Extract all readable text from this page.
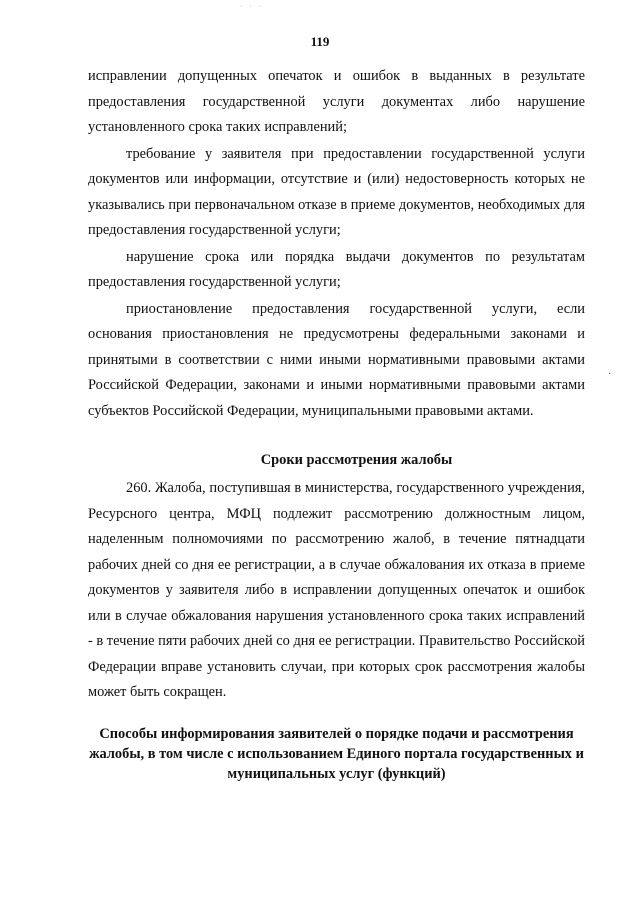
· · ·
119

исправлении допущенных опечаток и ошибок в выданных в результате предоставления государственной услуги документах либо нарушение установленного срока таких исправлений;

требование у заявителя при предоставлении государственной услуги документов или информации, отсутствие и (или) недостоверность которых не указывались при первоначальном отказе в приеме документов, необходимых для предоставления государственной услуги;

нарушение срока или порядка выдачи документов по результатам предоставления государственной услуги;

приостановление предоставления государственной услуги, если основания приостановления не предусмотрены федеральными законами и принятыми в соответствии с ними иными нормативными правовыми актами Российской Федерации, законами и иными нормативными правовыми актами субъектов Российской Федерации, муниципальными правовыми актами.

Сроки рассмотрения жалобы

260. Жалоба, поступившая в министерства, государственного учреждения, Ресурсного центра, МФЦ подлежит рассмотрению должностным лицом, наделенным полномочиями по рассмотрению жалоб, в течение пятнадцати рабочих дней со дня ее регистрации, а в случае обжалования их отказа в приеме документов у заявителя либо в исправлении допущенных опечаток и ошибок или в случае обжалования нарушения установленного срока таких исправлений - в течение пяти рабочих дней со дня ее регистрации. Правительство Российской Федерации вправе установить случаи, при которых срок рассмотрения жалобы может быть сокращен.

Способы информирования заявителей о порядке подачи и рассмотрения жалобы, в том числе с использованием Единого портала государственных и муниципальных услуг (функций)
·
